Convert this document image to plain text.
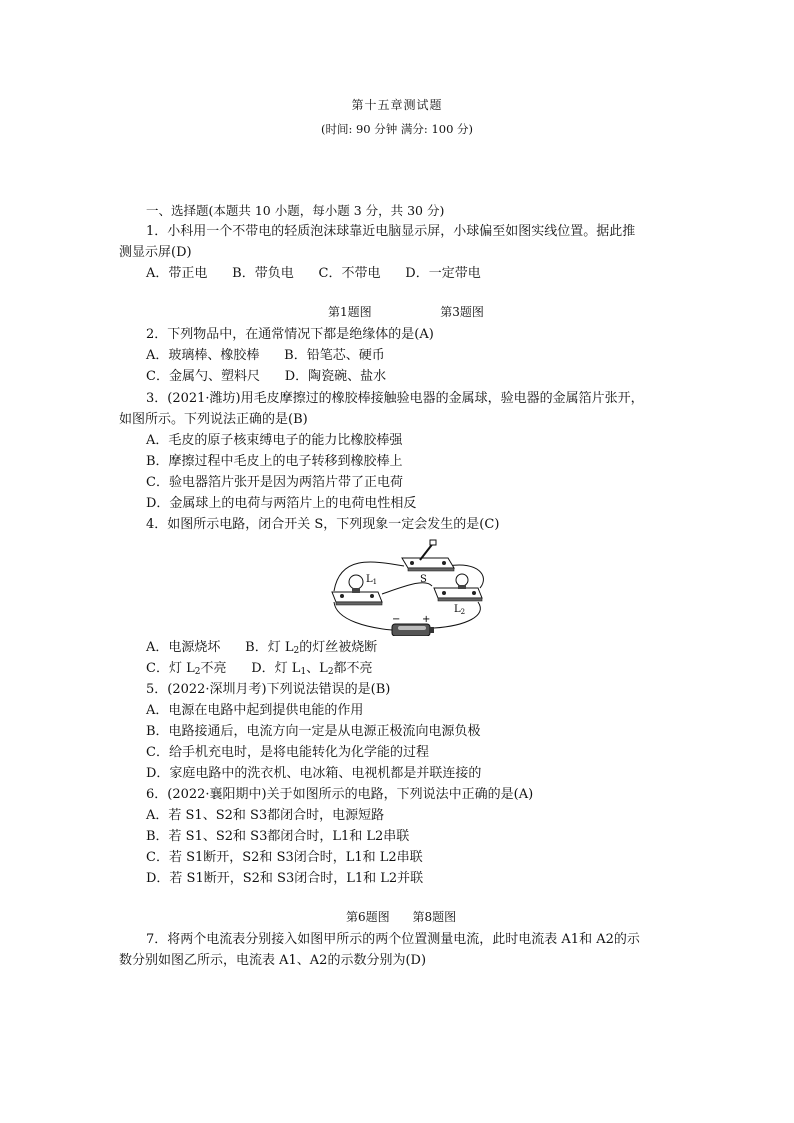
第十五章测试题
(时间: 90 分钟 满分: 100 分)
一、选择题(本题共 10 小题，每小题 3 分，共 30 分)
1．小科用一个不带电的轻质泡沫球靠近电脑显示屏，小球偏至如图实线位置。据此推
测显示屏(D)
A．带正电      B．带负电      C．不带电      D．一定带电
第1题图                  第3题图
2．下列物品中，在通常情况下都是绝缘体的是(A)
A．玻璃棒、橡胶棒      B．铅笔芯、硬币
C．金属勺、塑料尺      D．陶瓷碗、盐水
3．(2021·潍坊)用毛皮摩擦过的橡胶棒接触验电器的金属球，验电器的金属箔片张开，
如图所示。下列说法正确的是(B)
A．毛皮的原子核束缚电子的能力比橡胶棒强
B．摩擦过程中毛皮上的电子转移到橡胶棒上
C．验电器箔片张开是因为两箔片带了正电荷
D．金属球上的电荷与两箔片上的电荷电性相反
4．如图所示电路，闭合开关 S，下列现象一定会发生的是(C)
$L_1$	S
$L_2$
− +
A．电源烧坏      B．灯 $L_2$的灯丝被烧断
C．灯 $L_2$不亮      D．灯 $L_1$、$L_2$都不亮
5．(2022·深圳月考)下列说法错误的是(B)
A．电源在电路中起到提供电能的作用
B．电路接通后，电流方向一定是从电源正极流向电源负极
C．给手机充电时，是将电能转化为化学能的过程
D．家庭电路中的洗衣机、电冰箱、电视机都是并联连接的
6．(2022·襄阳期中)关于如图所示的电路，下列说法中正确的是(A)
A．若 S1、S2和 S3都闭合时，电源短路
B．若 S1、S2和 S3都闭合时，L1和 L2串联
C．若 S1断开，S2和 S3闭合时，L1和 L2串联
D．若 S1断开，S2和 S3闭合时，L1和 L2并联
第6题图      第8题图
7．将两个电流表分别接入如图甲所示的两个位置测量电流，此时电流表 A1和 A2的示
数分别如图乙所示，电流表 A1、A2的示数分别为(D)
